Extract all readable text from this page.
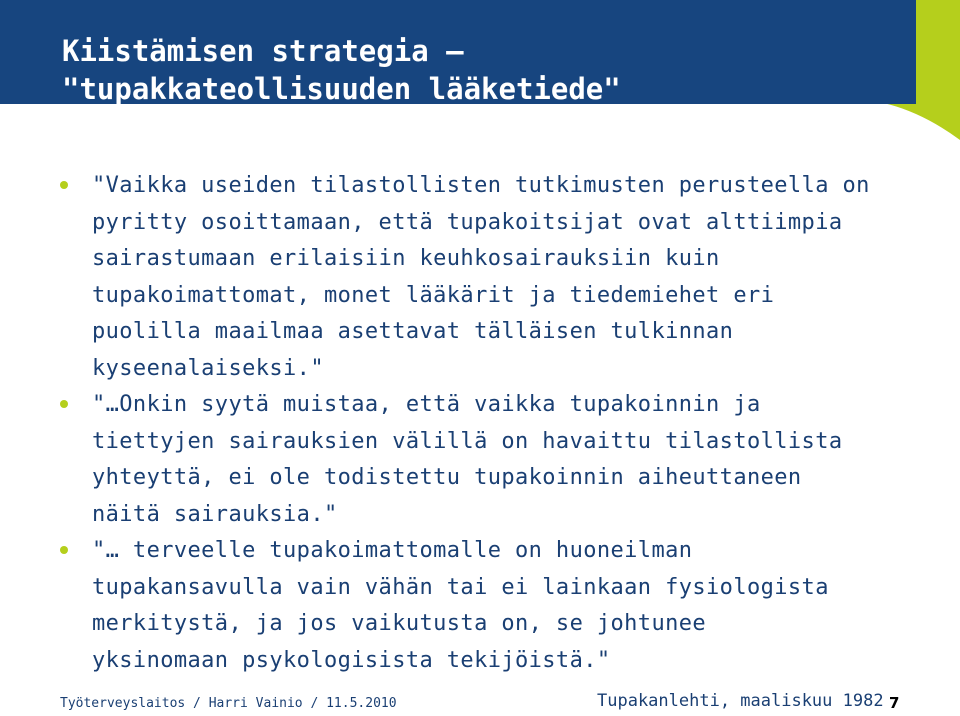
Kiistämisen strategia –
"tupakkateollisuuden lääketiede"
"Vaikka useiden tilastollisten tutkimusten perusteella on
pyritty osoittamaan, että tupakoitsijat ovat alttiimpia
sairastumaan erilaisiin keuhkosairauksiin kuin
tupakoimattomat, monet lääkärit ja tiedemiehet eri
puolilla maailmaa asettavat tälläisen tulkinnan
kyseenalaiseksi."
"…Onkin syytä muistaa, että vaikka tupakoinnin ja
tiettyjen sairauksien välillä on havaittu tilastollista
yhteyttä, ei ole todistettu tupakoinnin aiheuttaneen
näitä sairauksia."
"… terveelle tupakoimattomalle on huoneilman
tupakansavulla vain vähän tai ei lainkaan fysiologista
merkitystä, ja jos vaikutusta on, se johtunee
yksinomaan psykologisista tekijöistä."
Työterveyslaitos / Harri Vainio / 11.5.2010	Tupakanlehti, maaliskuu 1982 7
